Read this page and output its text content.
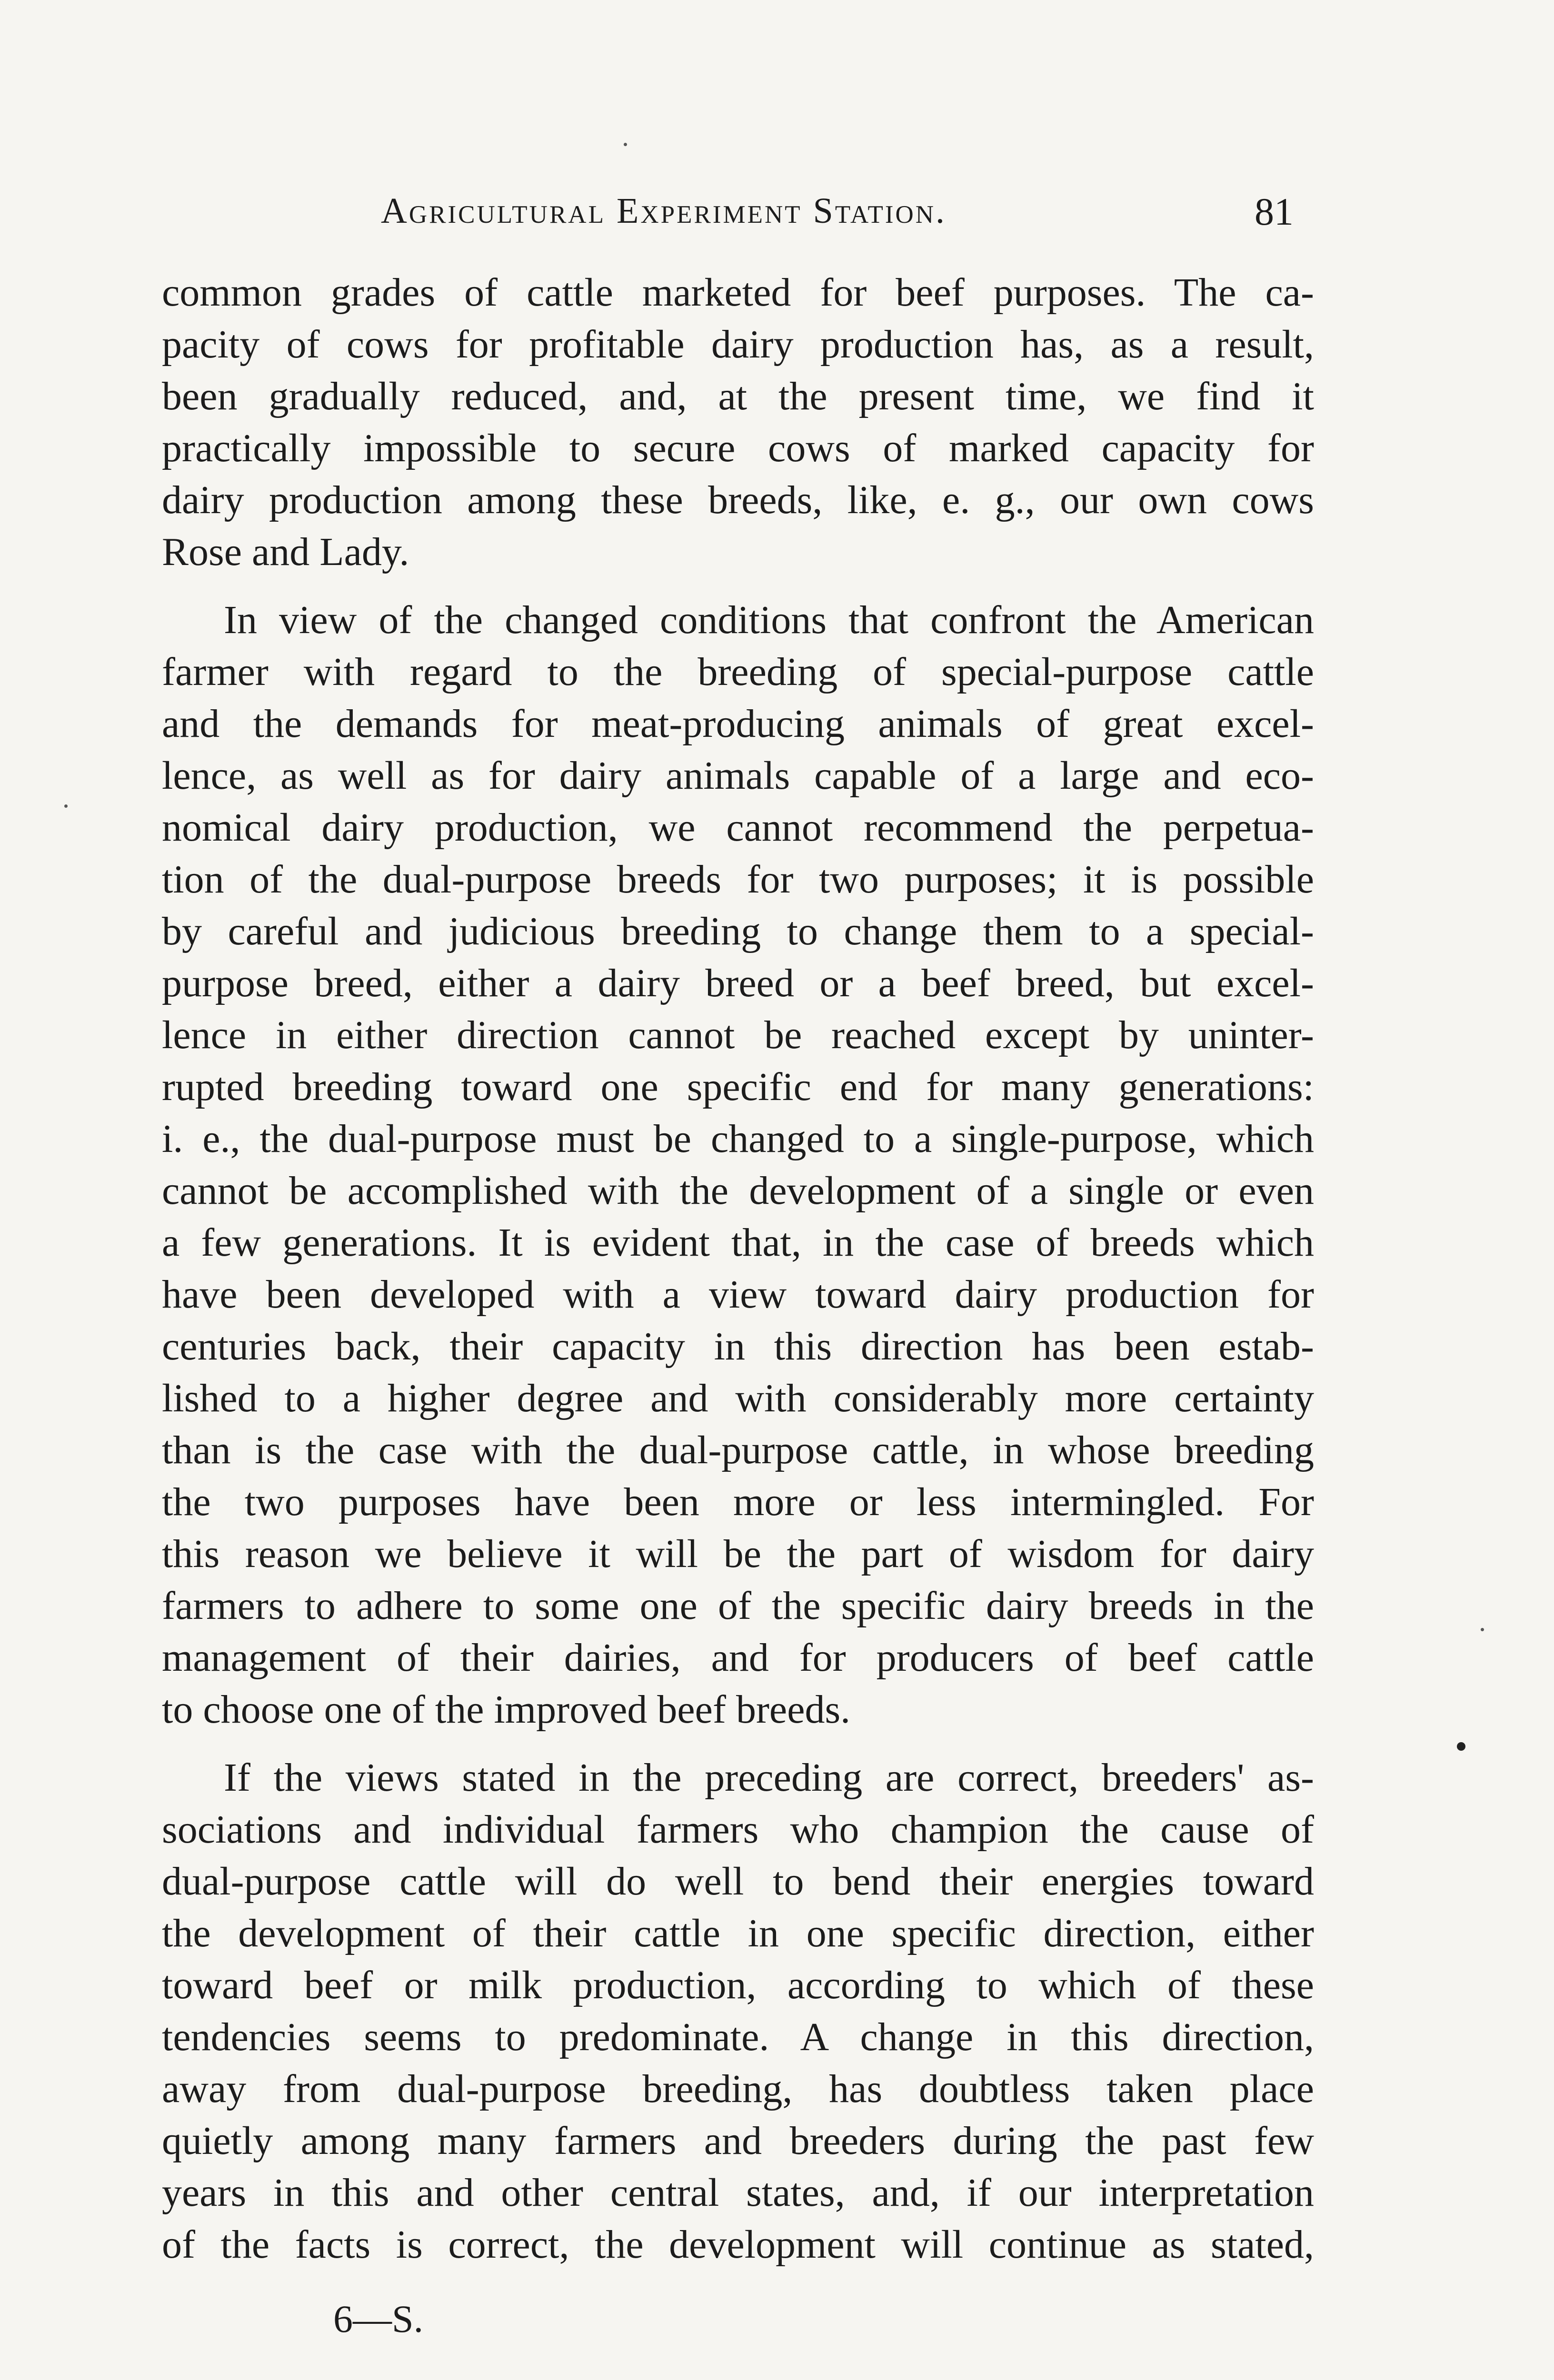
Agricultural Experiment Station.	81
common grades of cattle marketed for beef purposes. The ca-
pacity of cows for profitable dairy production has, as a result,
been gradually reduced, and, at the present time, we find it
practically impossible to secure cows of marked capacity for
dairy production among these breeds, like, e. g., our own cows
Rose and Lady.
In view of the changed conditions that confront the American
farmer with regard to the breeding of special-purpose cattle
and the demands for meat-producing animals of great excel-
lence, as well as for dairy animals capable of a large and eco-
nomical dairy production, we cannot recommend the perpetua-
tion of the dual-purpose breeds for two purposes; it is possible
by careful and judicious breeding to change them to a special-
purpose breed, either a dairy breed or a beef breed, but excel-
lence in either direction cannot be reached except by uninter-
rupted breeding toward one specific end for many generations:
i. e., the dual-purpose must be changed to a single-purpose, which
cannot be accomplished with the development of a single or even
a few generations. It is evident that, in the case of breeds which
have been developed with a view toward dairy production for
centuries back, their capacity in this direction has been estab-
lished to a higher degree and with considerably more certainty
than is the case with the dual-purpose cattle, in whose breeding
the two purposes have been more or less intermingled. For
this reason we believe it will be the part of wisdom for dairy
farmers to adhere to some one of the specific dairy breeds in the
management of their dairies, and for producers of beef cattle
to choose one of the improved beef breeds.
If the views stated in the preceding are correct, breeders' as-
sociations and individual farmers who champion the cause of
dual-purpose cattle will do well to bend their energies toward
the development of their cattle in one specific direction, either
toward beef or milk production, according to which of these
tendencies seems to predominate. A change in this direction,
away from dual-purpose breeding, has doubtless taken place
quietly among many farmers and breeders during the past few
years in this and other central states, and, if our interpretation
of the facts is correct, the development will continue as stated,
6—S.
